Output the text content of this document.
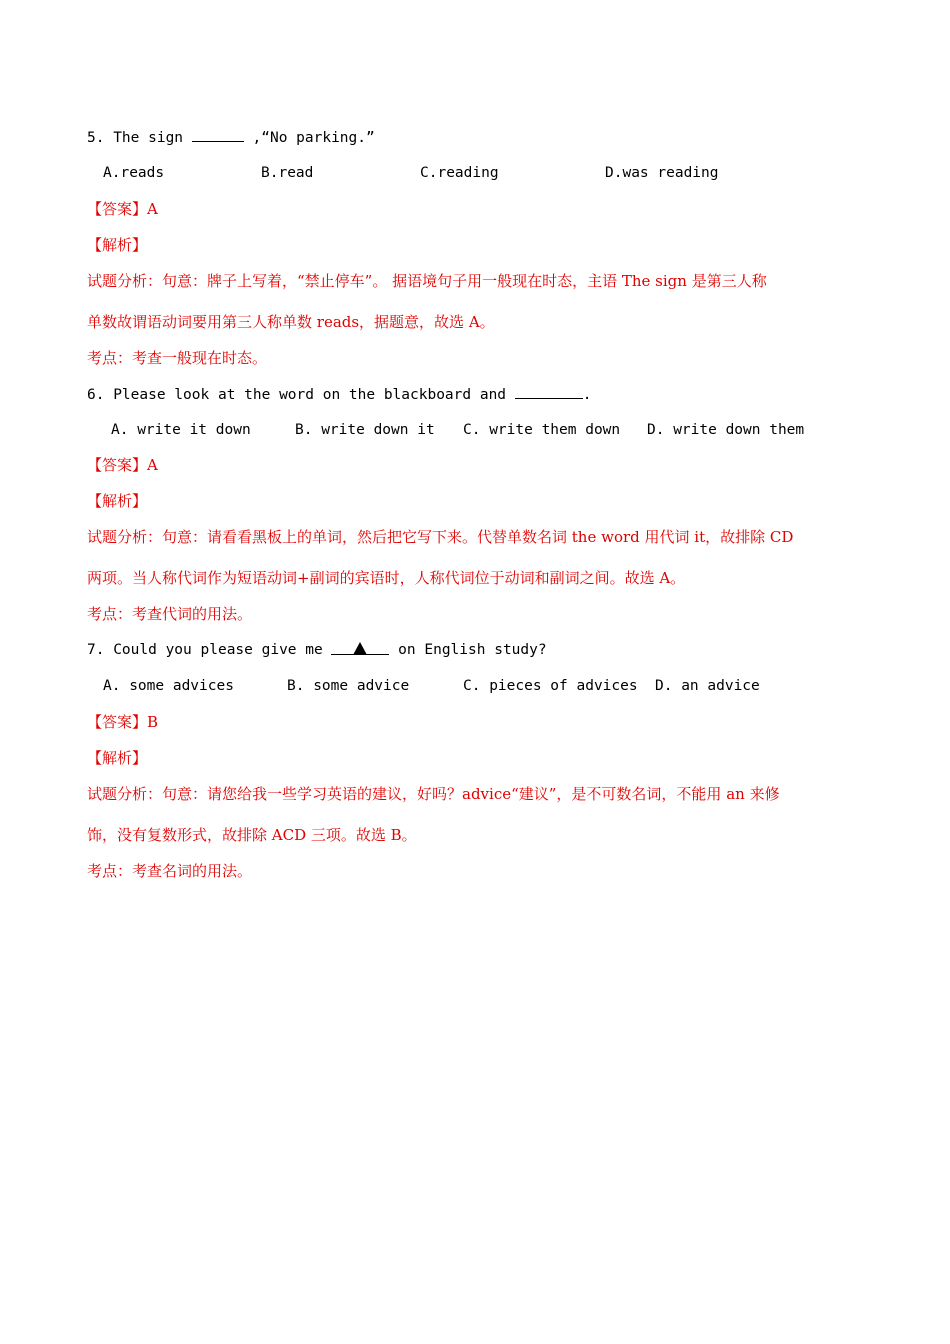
5. The sign	,“No parking.”
A.reads	B.read	C.reading	D.was reading
【答案】A
【解析】
试题分析：句意：牌子上写着，“禁止停车”。 据语境句子用一般现在时态，主语 The sign 是第三人称
单数故谓语动词要用第三人称单数 reads，据题意，故选 A。
考点：考查一般现在时态。
6. Please look at the word on the blackboard and	.
A. write it down	B. write down it C. write them down D. write down them
【答案】A
【解析】
试题分析：句意：请看看黑板上的单词，然后把它写下来。代替单数名词 the word 用代词 it，故排除 CD
两项。当人称代词作为短语动词+副词的宾语时，人称代词位于动词和副词之间。故选 A。
考点：考查代词的用法。
7. Could you please give me	on English study?
A. some advices	B. some advice	C. pieces of advices D. an advice
【答案】B
【解析】
试题分析：句意：请您给我一些学习英语的建议，好吗？advice“建议”，是不可数名词，不能用 an 来修
饰，没有复数形式，故排除 ACD 三项。故选 B。
考点：考查名词的用法。
